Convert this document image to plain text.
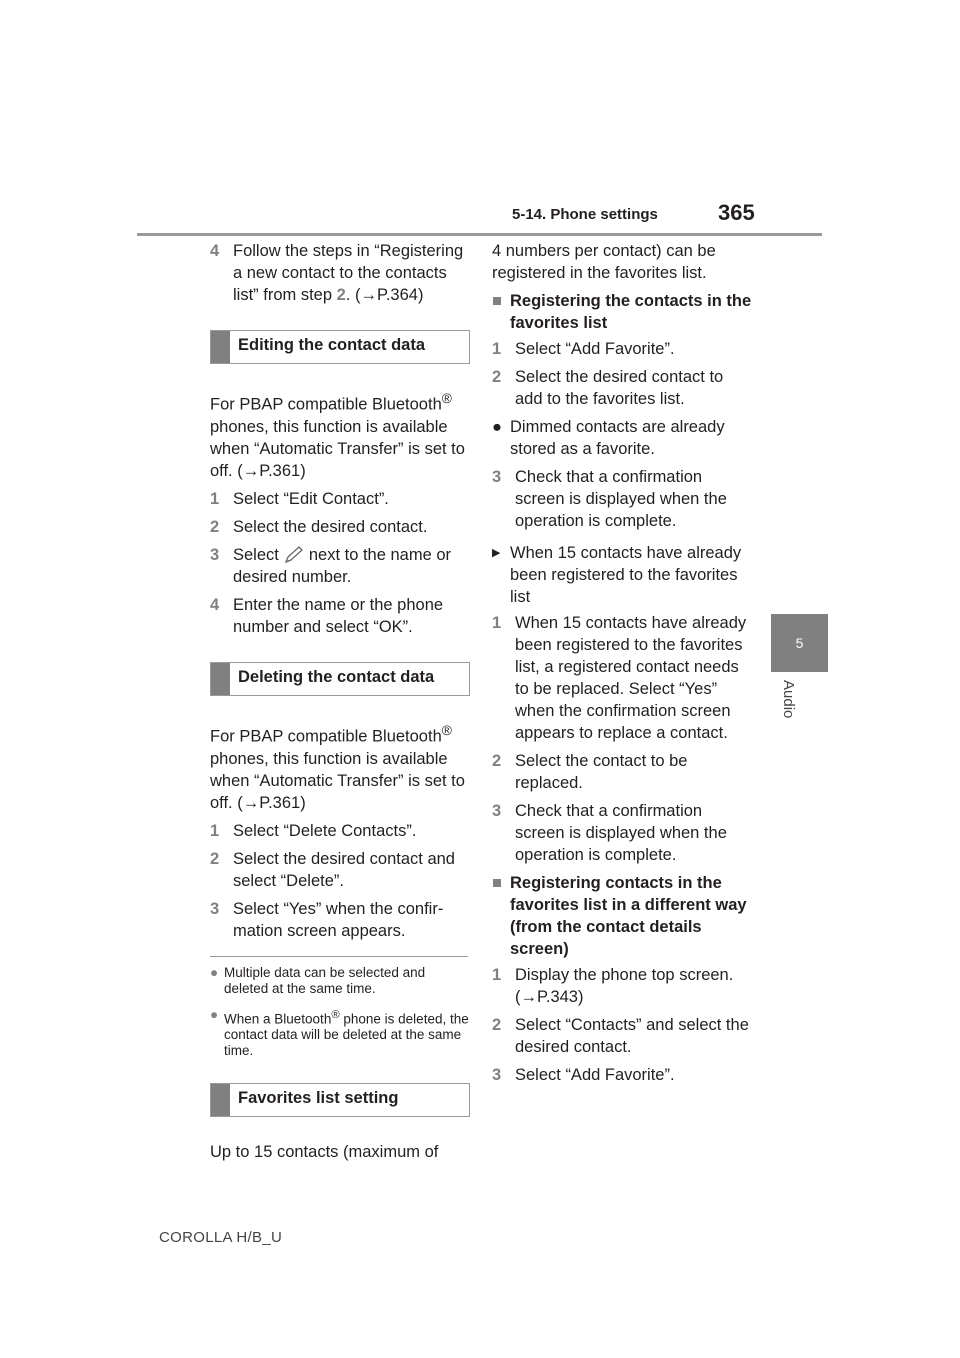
5-14. Phone settings	365
5
Audio
4 Follow the steps in “Registering a new contact to the contacts list” from step 2. (→P.364)
Editing the contact data

For PBAP compatible Bluetooth® phones, this function is available when “Automatic Transfer” is set to off. (→P.361)

1 Select “Edit Contact”.
2 Select the desired contact.
3 Select next to the name or desired number.
4 Enter the name or the phone number and select “OK”.
Deleting the contact data

For PBAP compatible Bluetooth® phones, this function is available when “Automatic Transfer” is set to off. (→P.361)

1 Select “Delete Contacts”.
2 Select the desired contact and select “Delete”.
3 Select “Yes” when the confirmation screen appears.
● Multiple data can be selected and deleted at the same time.
● When a Bluetooth® phone is deleted, the contact data will be deleted at the same time.
Favorites list setting

Up to 15 contacts (maximum of

4 numbers per contact) can be registered in the favorites list.

■ Registering the contacts in the favorites list
1 Select “Add Favorite”.
2 Select the desired contact to add to the favorites list.
● Dimmed contacts are already stored as a favorite.
3 Check that a confirmation screen is displayed when the operation is complete.
▶ When 15 contacts have already been registered to the favorites list
1 When 15 contacts have already been registered to the favorites list, a registered contact needs to be replaced. Select “Yes” when the confirmation screen appears to replace a contact.
2 Select the contact to be replaced.
3 Check that a confirmation screen is displayed when the operation is complete.
■ Registering contacts in the favorites list in a different way (from the contact details screen)
1 Display the phone top screen. (→P.343)
2 Select “Contacts” and select the desired contact.
3 Select “Add Favorite”.
COROLLA H/B_U
